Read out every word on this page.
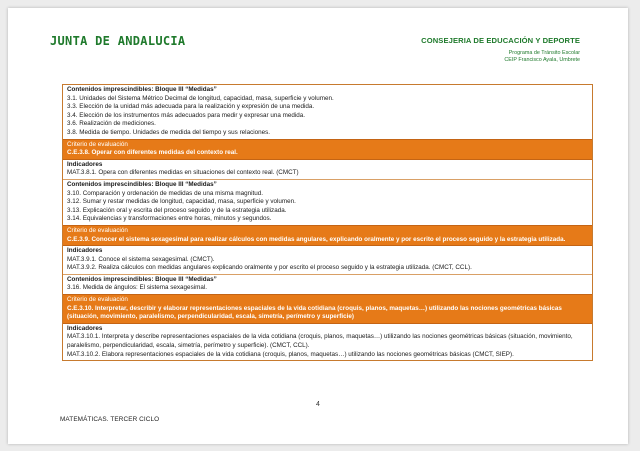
JUNTA DE ANDALUCIA	CONSEJERIA DE EDUCACIÓN Y DEPORTE
Programa de Tránsito Escolar
CEIP Francisco Ayala, Umbrete
Contenidos imprescindibles: Bloque III “Medidas”
3.1. Unidades del Sistema Métrico Decimal de longitud, capacidad, masa, superficie y volumen.
3.3. Elección de la unidad más adecuada para la realización y expresión de una medida.
3.4. Elección de los instrumentos más adecuados para medir y expresar una medida.
3.6. Realización de mediciones.
3.8. Medida de tiempo. Unidades de medida del tiempo y sus relaciones.
Criterio de evaluación
C.E.3.8. Operar con diferentes medidas del contexto real.
Indicadores
MAT.3.8.1. Opera con diferentes medidas en situaciones del contexto real. (CMCT)
Contenidos imprescindibles: Bloque III “Medidas”
3.10. Comparación y ordenación de medidas de una misma magnitud.
3.12. Sumar y restar medidas de longitud, capacidad, masa, superficie y volumen.
3.13. Explicación oral y escrita del proceso seguido y de la estrategia utilizada.
3.14. Equivalencias y transformaciones entre horas, minutos y segundos.
Criterio de evaluación
C.E.3.9. Conocer el sistema sexagesimal para realizar cálculos con medidas angulares, explicando oralmente y por escrito el proceso seguido y la estrategia utilizada.
Indicadores
MAT.3.9.1. Conoce el sistema sexagesimal. (CMCT).
MAT.3.9.2. Realiza cálculos con medidas angulares explicando oralmente y por escrito el proceso seguido y la estrategia utilizada. (CMCT, CCL).
Contenidos imprescindibles: Bloque III “Medidas”
3.16. Medida de ángulos: El sistema sexagesimal.
Criterio de evaluación
C.E.3.10. Interpretar, describir y elaborar representaciones espaciales de la vida cotidiana (croquis, planos, maquetas…) utilizando las nociones geométricas básicas (situación, movimiento, paralelismo, perpendicularidad, escala, simetría, perímetro y superficie)
Indicadores
MAT.3.10.1. Interpreta y describe representaciones espaciales de la vida cotidiana (croquis, planos, maquetas…) utilizando las nociones geométricas básicas (situación, movimiento, paralelismo, perpendicularidad, escala, simetría, perímetro y superficie). (CMCT, CCL).
MAT.3.10.2. Elabora representaciones espaciales de la vida cotidiana (croquis, planos, maquetas…) utilizando las nociones geométricas básicas (CMCT, SIEP).
4
MATEMÁTICAS. TERCER CICLO
